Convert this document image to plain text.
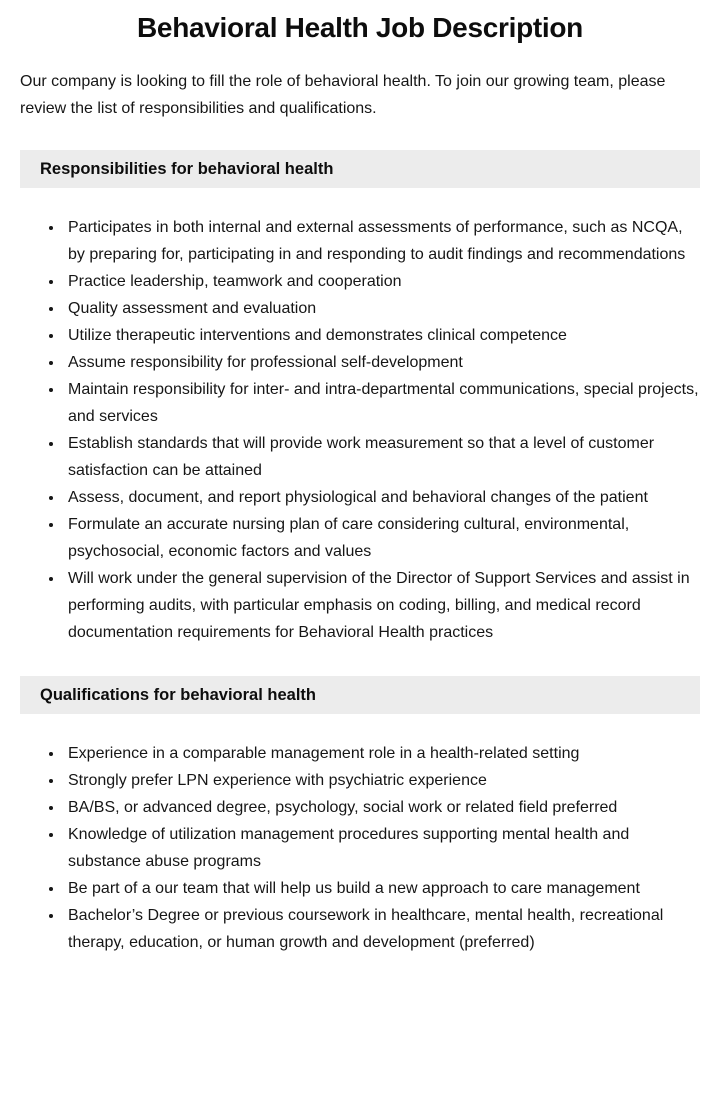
Behavioral Health Job Description

Our company is looking to fill the role of behavioral health. To join our growing team, please review the list of responsibilities and qualifications.

Responsibilities for behavioral health
• Participates in both internal and external assessments of performance, such as NCQA, by preparing for, participating in and responding to audit findings and recommendations
• Practice leadership, teamwork and cooperation
• Quality assessment and evaluation
• Utilize therapeutic interventions and demonstrates clinical competence
• Assume responsibility for professional self-development
• Maintain responsibility for inter- and intra-departmental communications, special projects, and services
• Establish standards that will provide work measurement so that a level of customer satisfaction can be attained
• Assess, document, and report physiological and behavioral changes of the patient
• Formulate an accurate nursing plan of care considering cultural, environmental, psychosocial, economic factors and values
• Will work under the general supervision of the Director of Support Services and assist in performing audits, with particular emphasis on coding, billing, and medical record documentation requirements for Behavioral Health practices
Qualifications for behavioral health
• Experience in a comparable management role in a health-related setting
• Strongly prefer LPN experience with psychiatric experience
• BA/BS, or advanced degree, psychology, social work or related field preferred
• Knowledge of utilization management procedures supporting mental health and substance abuse programs
• Be part of a our team that will help us build a new approach to care management
• Bachelor’s Degree or previous coursework in healthcare, mental health, recreational therapy, education, or human growth and development (preferred)
